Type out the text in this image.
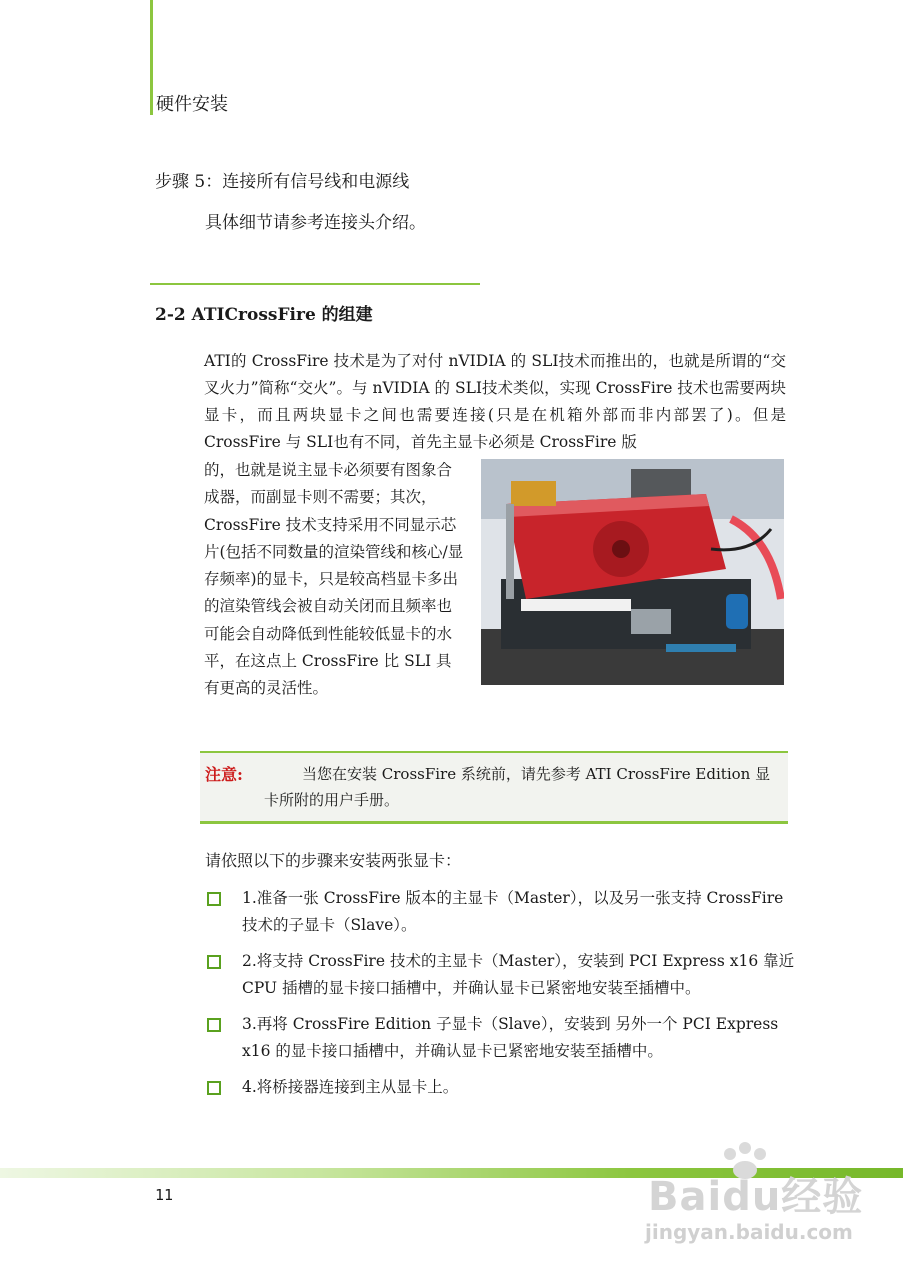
硬件安装
步骤 5：连接所有信号线和电源线
具体细节请参考连接头介绍。
2-2 ATICrossFire 的组建
ATI的 CrossFire 技术是为了对付 nVIDIA 的 SLI技术而推出的，也就是所谓的“交叉火力”简称“交火”。与 nVIDIA 的 SLI技术类似，实现 CrossFire 技术也需要两块显卡，而且两块显卡之间也需要连接(只是在机箱外部而非内部罢了)。但是 CrossFire 与 SLI也有不同，首先主显卡必须是 CrossFire 版
的，也就是说主显卡必须要有图象合成器，而副显卡则不需要；其次，CrossFire 技术支持采用不同显示芯片(包括不同数量的渲染管线和核心/显存频率)的显卡，只是较高档显卡多出的渲染管线会被自动关闭而且频率也可能会自动降低到性能较低显卡的水平，在这点上 CrossFire 比 SLI 具有更高的灵活性。
注意:	当您在安装 CrossFire 系统前，请先参考 ATI CrossFire Edition 显卡所附的用户手册。
请依照以下的步骤来安装两张显卡：
1.准备一张 CrossFire 版本的主显卡（Master），以及另一张支持 CrossFire 技术的子显卡（Slave）。
2.将支持 CrossFire 技术的主显卡（Master），安装到 PCI Express x16 靠近 CPU 插槽的显卡接口插槽中，并确认显卡已紧密地安装至插槽中。
3.再将 CrossFire Edition 子显卡（Slave），安装到 另外一个 PCI Express x16 的显卡接口插槽中，并确认显卡已紧密地安装至插槽中。
4.将桥接器连接到主从显卡上。
11	Baidu经验
jingyan.baidu.com
